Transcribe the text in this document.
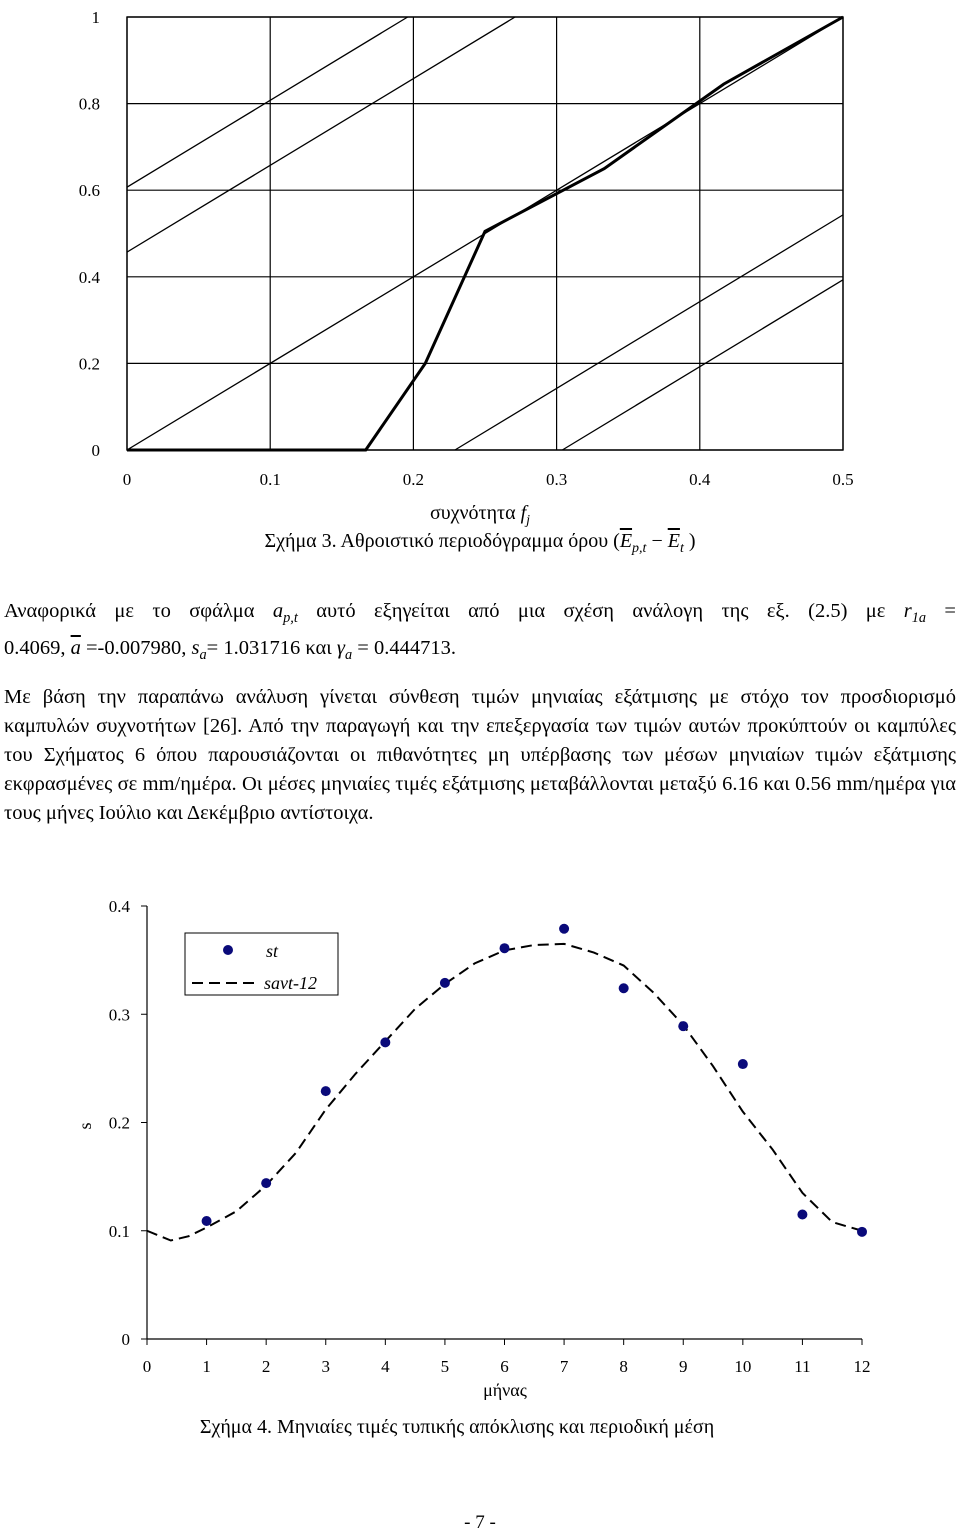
0	0.1	0.2	0.3	0.4	0.5
0
0.2
0.4
0.6
0.8
1
συχνότητα $f_j$
Σχήμα 3. Αθροιστικό περιοδόγραμμα όρου ($\overline{E}_{p,t} - \overline{E}_t$ )
Αναφορικά με το σφάλμα $a_{p,t}$ αυτό εξηγείται από μια σχέση ανάλογη της εξ. (2.5) με $r_{1a}$ =
0.4069, $\overline{a} =-0.007980$, $s_a= 1.031716$ και $\gamma_a = 0.444713$.

Με βάση την παραπάνω ανάλυση γίνεται σύνθεση τιμών μηνιαίας εξάτμισης με στόχο τον προσδιορισμό καμπυλών συχνοτήτων [26]. Από την παραγωγή και την επεξεργασία των τιμών αυτών προκύπτούν οι καμπύλες του Σχήματος 6 όπου παρουσιάζονται οι πιθανότητες μη υπέρβασης των μέσων μηνιαίων τιμών εξάτμισης εκφρασμένες σε mm/ημέρα. Οι μέσες μηνιαίες τιμές εξάτμισης μεταβάλλονται μεταξύ 6.16 και 0.56 mm/ημέρα για τους μήνες Ιούλιο και Δεκέμβριο αντίστοιχα.

0	1	2	3	4	5	6	7	8	9	10	11	12
0
0.1
0.2
0.3
0.4
st
savt-12
s
μήνας
Σχήμα 4. Μηνιαίες τιμές τυπικής απόκλισης και περιοδική μέση
- 7 -
